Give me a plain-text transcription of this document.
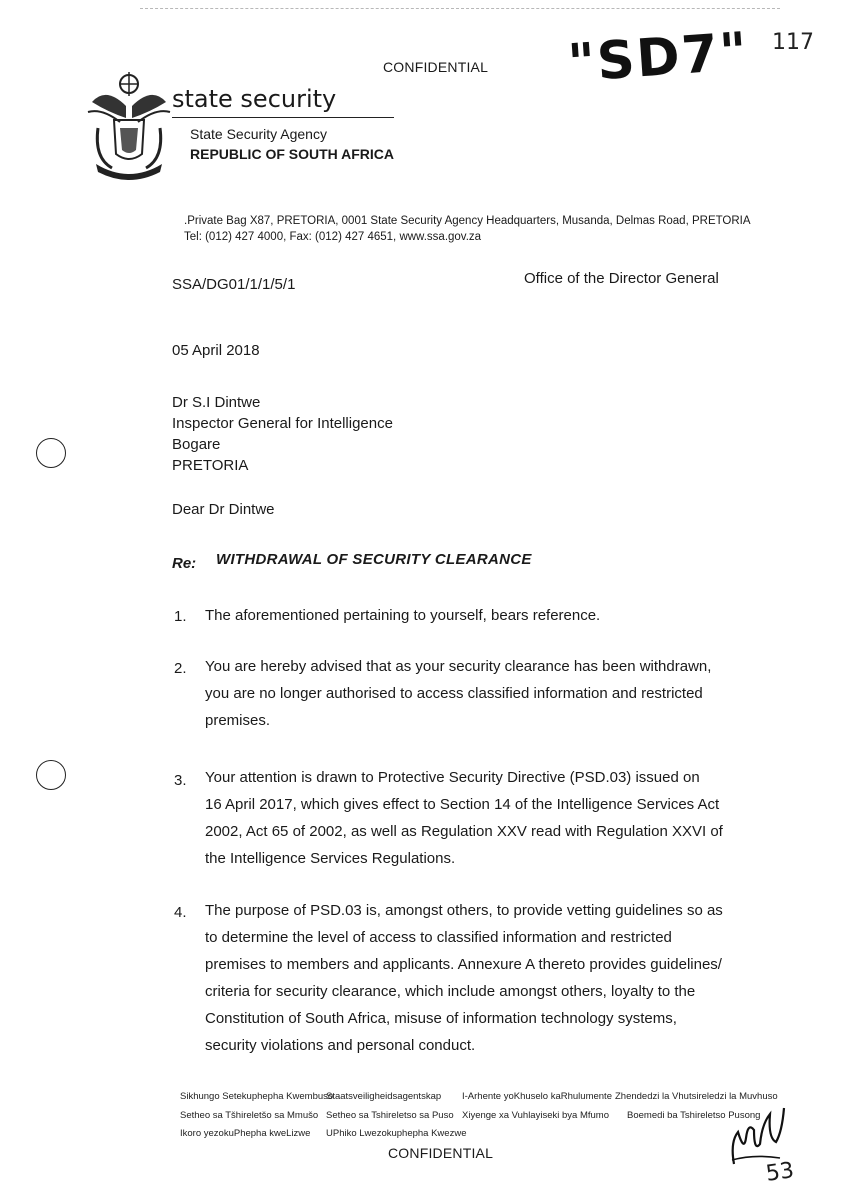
CONFIDENTIAL "SD7" 117
state security
State Security Agency
REPUBLIC OF SOUTH AFRICA
.Private Bag X87, PRETORIA, 0001 State Security Agency Headquarters, Musanda, Delmas Road, PRETORIA
Tel: (012) 427 4000, Fax: (012) 427 4651, www.ssa.gov.za
SSA/DG01/1/1/5/1	Office of the Director General
05 April 2018
Dr S.I Dintwe
Inspector General for Intelligence
Bogare
PRETORIA
Dear Dr Dintwe
Re: WITHDRAWAL OF SECURITY CLEARANCE
1. The aforementioned pertaining to yourself, bears reference.
2. You are hereby advised that as your security clearance has been withdrawn,
you are no longer authorised to access classified information and restricted
premises.
3. Your attention is drawn to Protective Security Directive (PSD.03) issued on
16 April 2017, which gives effect to Section 14 of the Intelligence Services Act
2002, Act 65 of 2002, as well as Regulation XXV read with Regulation XXVI of
the Intelligence Services Regulations.
4. The purpose of PSD.03 is, amongst others, to provide vetting guidelines so as
to determine the level of access to classified information and restricted
premises to members and applicants. Annexure A thereto provides guidelines/
criteria for security clearance, which include amongst others, loyalty to the
Constitution of South Africa, misuse of information technology systems,
security violations and personal conduct.
Sikhungo Setekuphepha Kwembuso
Staatsveiligheidsagentskap I-Arhente yoKhuselo kaRhulumente Zhendedzi la Vhutsireledzi la Muvhuso
Setheo sa Tšhireletšo sa Mmušo Setheo sa Tshireletso sa Puso Xiyenge xa Vuhlayiseki bya Mfumo Boemedi ba Tshireletso Pusong
Ikoro yezokuPhepha kweLizwe UPhiko Lwezokuphepha Kwezwe
CONFIDENTIAL
53
